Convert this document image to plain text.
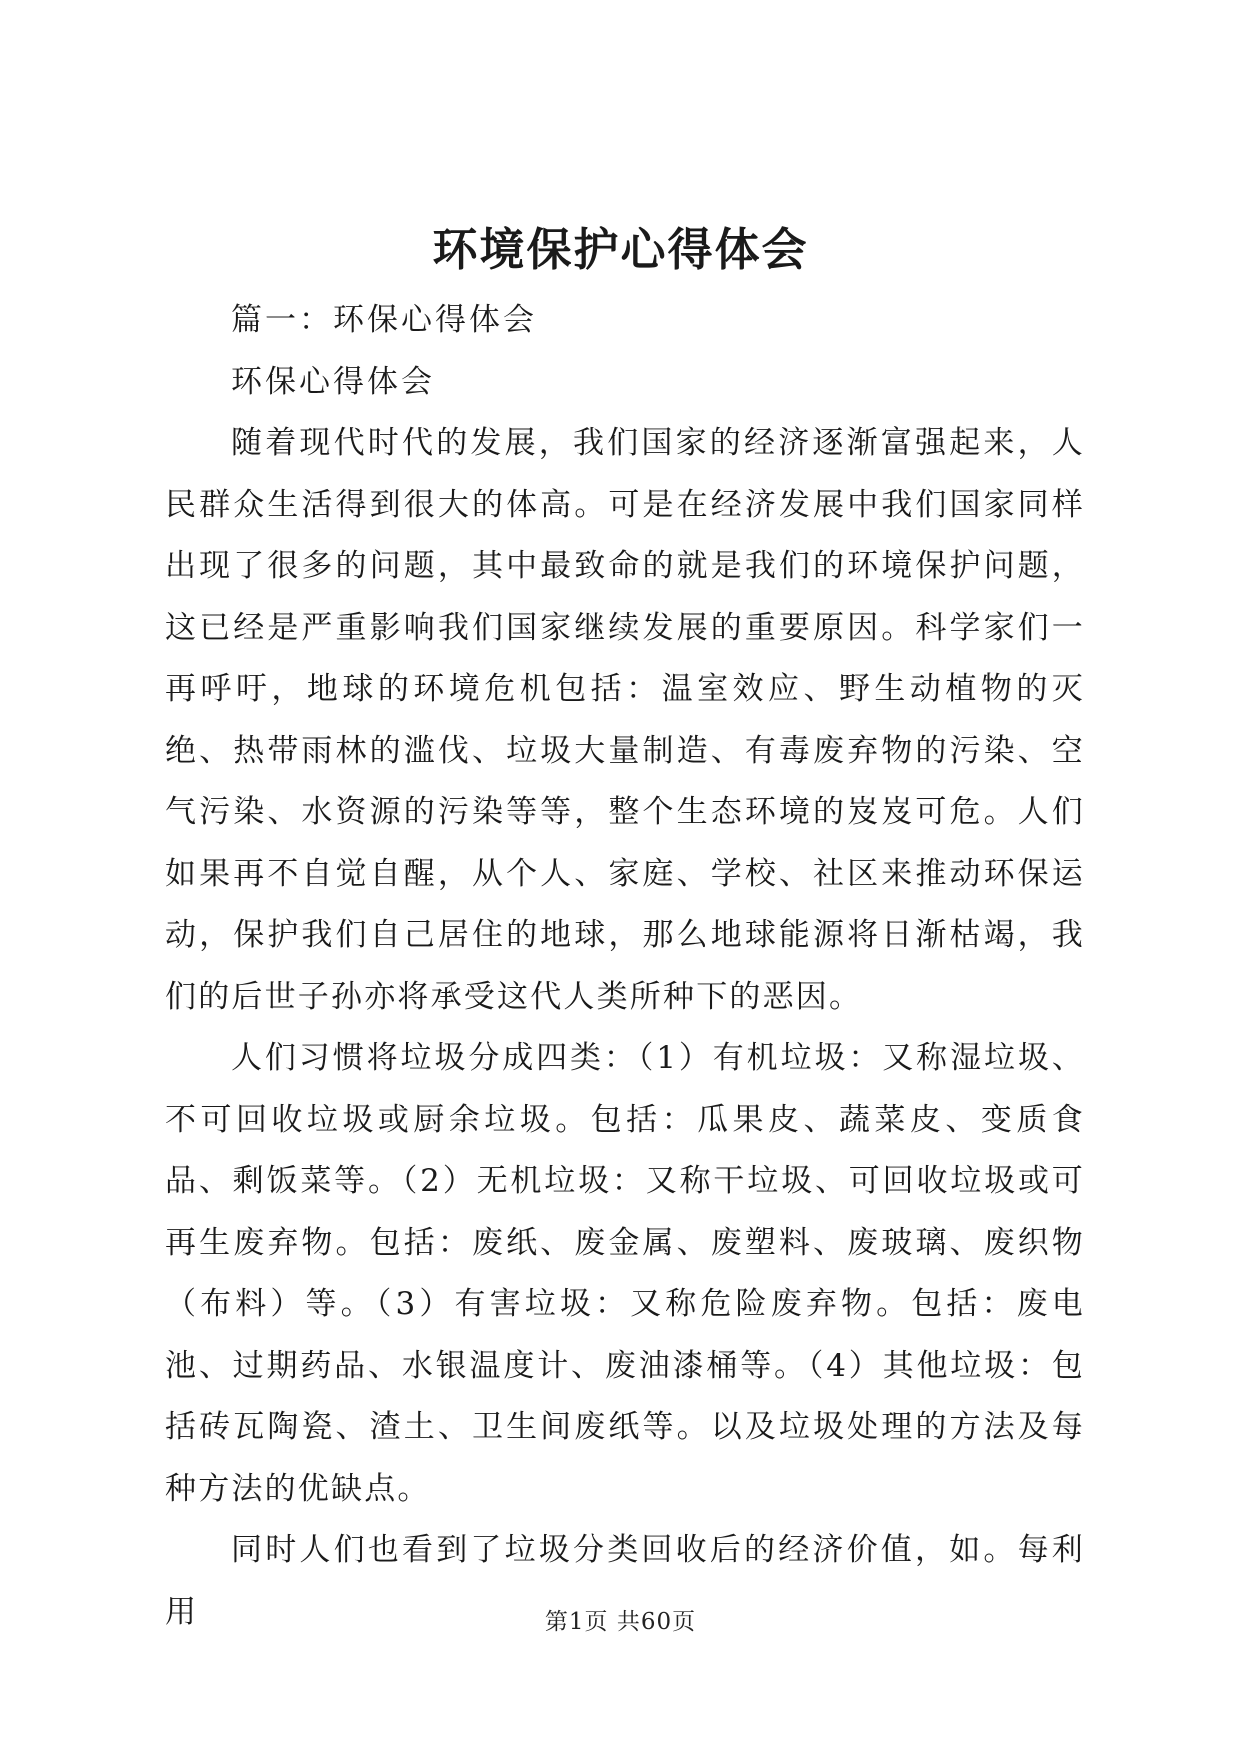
环境保护心得体会

篇一：环保心得体会

环保心得体会

随着现代时代的发展，我们国家的经济逐渐富强起来，人民群众生活得到很大的体高。可是在经济发展中我们国家同样出现了很多的问题，其中最致命的就是我们的环境保护问题，这已经是严重影响我们国家继续发展的重要原因。科学家们一再呼吁，地球的环境危机包括：温室效应、野生动植物的灭绝、热带雨林的滥伐、垃圾大量制造、有毒废弃物的污染、空气污染、水资源的污染等等，整个生态环境的岌岌可危。人们如果再不自觉自醒，从个人、家庭、学校、社区来推动环保运动，保护我们自己居住的地球，那么地球能源将日渐枯竭，我们的后世子孙亦将承受这代人类所种下的恶因。

人们习惯将垃圾分成四类：（1）有机垃圾：又称湿垃圾、不可回收垃圾或厨余垃圾。包括：瓜果皮、蔬菜皮、变质食品、剩饭菜等。（2）无机垃圾：又称干垃圾、可回收垃圾或可再生废弃物。包括：废纸、废金属、废塑料、废玻璃、废织物（布料）等。（3）有害垃圾：又称危险废弃物。包括：废电池、过期药品、水银温度计、废油漆桶等。（4）其他垃圾：包括砖瓦陶瓷、渣土、卫生间废纸等。以及垃圾处理的方法及每种方法的优缺点。

同时人们也看到了垃圾分类回收后的经济价值，如。每利用	第1页 共60页
